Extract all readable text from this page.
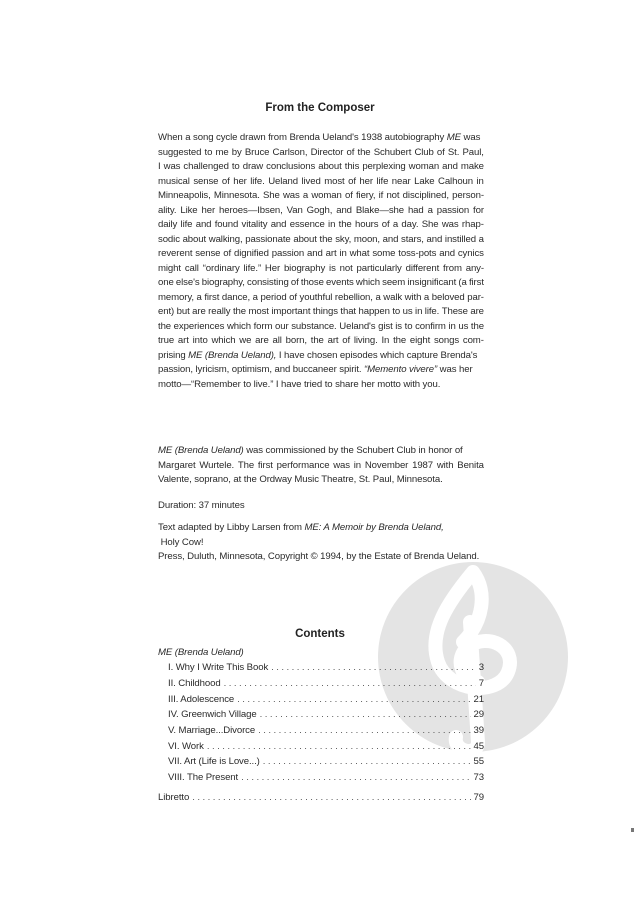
From the Composer
When a song cycle drawn from Brenda Ueland's 1938 autobiography ME was
suggested to me by Bruce Carlson, Director of the Schubert Club of St. Paul,
I was challenged to draw conclusions about this perplexing woman and make
musical sense of her life. Ueland lived most of her life near Lake Calhoun in
Minneapolis, Minnesota. She was a woman of fiery, if not disciplined, person-
ality. Like her heroes—Ibsen, Van Gogh, and Blake—she had a passion for
daily life and found vitality and essence in the hours of a day. She was rhap-
sodic about walking, passionate about the sky, moon, and stars, and instilled a
reverent sense of dignified passion and art in what some toss-pots and cynics
might call “ordinary life.” Her biography is not particularly different from any-
one else's biography, consisting of those events which seem insignificant (a first
memory, a first dance, a period of youthful rebellion, a walk with a beloved par-
ent) but are really the most important things that happen to us in life. These are
the experiences which form our substance. Ueland's gist is to confirm in us the
true art into which we are all born, the art of living. In the eight songs com-
prising ME (Brenda Ueland), I have chosen episodes which capture Brenda's
passion, lyricism, optimism, and buccaneer spirit. “Memento vivere” was her
motto—“Remember to live.” I have tried to share her motto with you.
ME (Brenda Ueland) was commissioned by the Schubert Club in honor of
Margaret Wurtele. The first performance was in November 1987 with Benita
Valente, soprano, at the Ordway Music Theatre, St. Paul, Minnesota.
Duration: 37 minutes
Text adapted by Libby Larsen from ME: A Memoir by Brenda Ueland,
Holy Cow!
Press, Duluth, Minnesota, Copyright © 1994, by the Estate of Brenda Ueland.
Contents
ME (Brenda Ueland)
I. Why I Write This Book . . .	3
II. Childhood . . .	7
III. Adolescence . . .	21
IV. Greenwich Village . . .	29
V. Marriage...Divorce . . .	39
VI. Work . . .	45
VII. Art (Life is Love...) . . .	55
VIII. The Present . . .	73
Libretto . . .	79
